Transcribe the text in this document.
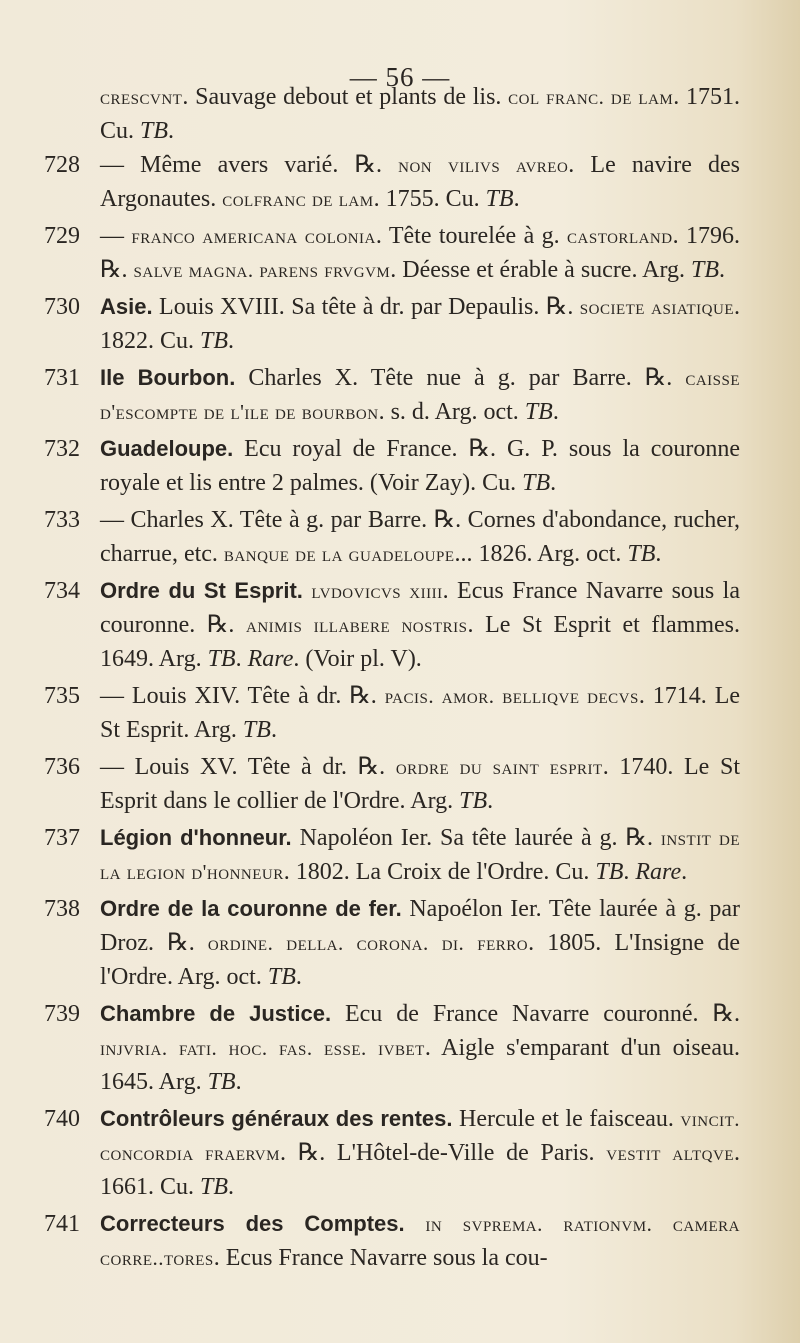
— 56 —
crescvnt. Sauvage debout et plants de lis. col franc. de lam. 1751. Cu. TB.
728 — Même avers varié. ℞. non vilivs avreo. Le navire des Argonautes. colfranc de lam. 1755. Cu. TB.
729 — franco americana colonia. Tête tourelée à g. castorland. 1796. ℞. salve magna. parens frvgvm. Déesse et érable à sucre. Arg. TB.
730 Asie. Louis XVIII. Sa tête à dr. par Depaulis. ℞. societe asiatique. 1822. Cu. TB.
731 Ile Bourbon. Charles X. Tête nue à g. par Barre. ℞. caisse d'escompte de l'ile de bourbon. s. d. Arg. oct. TB.
732 Guadeloupe. Ecu royal de France. ℞. G. P. sous la couronne royale et lis entre 2 palmes. (Voir Zay). Cu. TB.
733 — Charles X. Tête à g. par Barre. ℞. Cornes d'abondance, rucher, charrue, etc. banque de la guadeloupe... 1826. Arg. oct. TB.
734 Ordre du St Esprit. lvdovicvs xiiii. Ecus France Navarre sous la couronne. ℞. animis illabere nostris. Le St Esprit et flammes. 1649. Arg. TB. Rare. (Voir pl. V).
735 — Louis XIV. Tête à dr. ℞. pacis. amor. belliqve decvs. 1714. Le St Esprit. Arg. TB.
736 — Louis XV. Tête à dr. ℞. ordre du saint esprit. 1740. Le St Esprit dans le collier de l'Ordre. Arg. TB.
737 Légion d'honneur. Napoléon Ier. Sa tête laurée à g. ℞. instit de la legion d'honneur. 1802. La Croix de l'Ordre. Cu. TB. Rare.
738 Ordre de la couronne de fer. Napoélon Ier. Tête laurée à g. par Droz. ℞. ordine. della. corona. di. ferro. 1805. L'Insigne de l'Ordre. Arg. oct. TB.
739 Chambre de Justice. Ecu de France Navarre couronné. ℞. injvria. fati. hoc. fas. esse. ivbet. Aigle s'emparant d'un oiseau. 1645. Arg. TB.
740 Contrôleurs généraux des rentes. Hercule et le faisceau. vincit. concordia fraervm. ℞. L'Hôtel-de-Ville de Paris. vestit altqve. 1661. Cu. TB.
741 Correcteurs des Comptes. in svprema. rationvm. camera corre..tores. Ecus France Navarre sous la cou-
